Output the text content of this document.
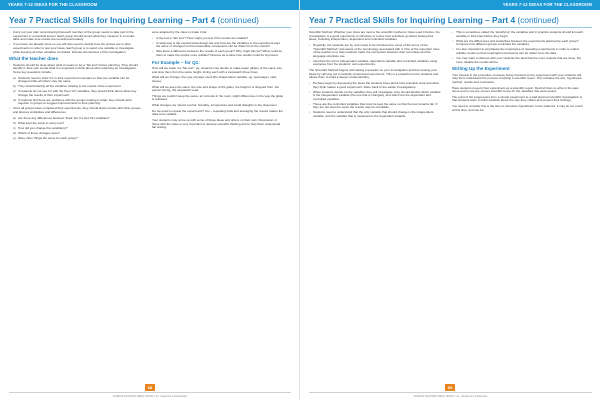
YEARS 7-12 IDEAS FOR THE CLASSROOM
Year 7 Practical Skills for Inquiring Learning – Part 4 (continued)
• Carry out your plan remembering that each member of the group needs to take part in the experiment in a practical lesson. Each group should record what they measure in a results table and make sure results are recorded accurately.
• If you have not already done so you will also need to decide how the groups are to plan experiments in order to test your ideas. Each group is to select one variable to investigate while keeping all other variables controlled. Discuss the fairness of the investigation.
What the teacher does
• Students should be clear about what it means to be a "fair test" before planning. They should identify in their own words what it is important to think about when planning an investigation. Some key questions include:
a) Students need to hold 'C1' in their experiment constant so that one variable can be changed while all others stay the same.
b) They should identify all the variables relating to the results of the experiment.
c) If students do not use C1 with the fixed 'C2' variables, they should think about what may change the results of their experiment.
d) If students find there are problems with the groups making it unfair, they should work together in groups to suggest improvements to their planning.
• Once all groups have completed their experiments, they should share results with other groups and discuss similarities and differences.
a) Are there any differences between 'fixed' (for C1 and C2) variables?
b) What kept the same in every test?
c) How did you change the variable(s)?
d) Which of those changes were?
e) Were other things the same for each group?

were adopted by the class to make it fair.

• Is the test a "fair test"? How might you test if the results are reliable?
• In what way is the experimental design fair and how are the variables in the experiment kept the same or changed so that reasonable conclusions can be drawn from the results?
• Was there a difference between the results of each group? Why might this be? What could be done to make the results more reliable? Discuss as a class how results could be improved.
For Example – for Q1:

How will we make it a "fair test": eg. students may decide to make paper gliders of the same size and drop them from the same height, timing each with a stopwatch three times.

What will we change: the type of paper used (the independent variable, eg. newspaper, card, tissue).

What will we keep the same: the size and shape of the glider, the height it is dropped from, the person timing, the stopwatch used.

Things we couldn't keep the same: air currents in the room, slight differences in the way the glider is released.

What changes we cannot control: humidity, temperature and small draughts in the classroom.

Do we need to repeat the experiment? Yes – repeating trials and averaging the results makes the data more reliable.

Your students may come up with some of these ideas and others on their own. Discussion of these with the class is very important to develop scientific thinking and to help them understand fair testing.

68
SCIENCE TEACHING IDEAS YEARS 7-12 · Department of Education
YEARS 7-12 IDEAS FOR THE CLASSROOM
Year 7 Practical Skills for Inquiring Learning – Part 4 (continued)

Scientific Method: Whether your class are new to the scientific method or have used it before, the investigation is a good opportunity to introduce or revise how scientists go about testing their ideas, including independent, dependent and controlled variables.

• Hopefully, the students are by now ready to be introduced to some of the terms of the "Scientific Method" and aware of the terminology associated with it. One of the important roles of the teacher is to help students make the connection between their own ideas and the language scientists use.
• Introduce the terms independent variable, dependent variable and controlled variables using examples from the students' own experiments.

The Scientific Method begins with asking a question on your investigation and then testing your ideas by carrying out a carefully constructed experiment. This is a powerful tool for students and allows them to build a deeper understanding.

• Perhaps begin by discussing the ideas the students have about how scientists work and what they think makes a good experiment. Refer back to the earlier investigations.
• When students decide on the variables they will investigate, they should identify which variable is the independent variable (the one that is changed), and which are the dependent and controlled variables.
• These are the controlled variables that must be kept the same so that the test remains fair. If they are not kept the same the results may be unreliable.
• Students need to understand that the only variable that should change is the independent variable, and the variable that is measured is the dependent variable.
• This is sometimes called the 'identifying' the variables and in practice students should list each variable in their plan before they begin.
• What are the differences and similarities between the experiments planned by each group? Compare how different groups controlled the variables.
• It is also important to emphasise the importance of repeating experiments in order to collect reliable results so that meaningful conclusions can be drawn from the data.
• You may want to discuss with your students the idea that the more repeats that are done, the more reliable the results will be.
Writing Up the Experiment

Your interest in the procedure, because being involved up the experiment with your students will help them understand the process of writing a scientific report. This includes the aim, hypothesis, method, results and conclusion.

Have students present their experiment as a scientific report. Remind them to write in the past tense and to use the correct scientific terms for the variables that were tested.

The point of the progression from a simple experiment to a well planned scientific investigation is that students learn to think carefully about the way they collect and present their findings.

You need to consider this is the time to introduce 'hypothesis' to the students. It may be too much at this time, and can be.

69
SCIENCE TEACHING IDEAS YEARS 7-12 · Department of Education
